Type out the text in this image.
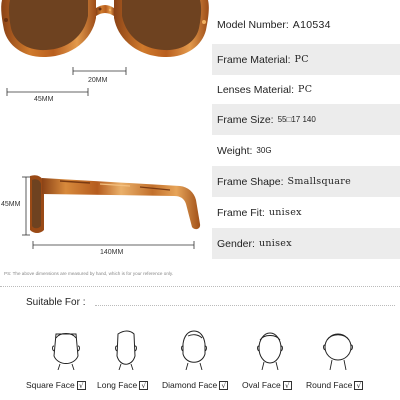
20MM
45MM
45MM
140MM
PS: The above dimensions are measured by hand, which is for your reference only.
Model Number: A10534
Frame Material: PC
Lenses Material: PC
Frame Size: 55□17 140
Weight: 30G
Frame Shape: Smallsquare
Frame Fit: unisex
Gender: unisex
Suitable For :
Square Face √ Long Face √ Diamond Face √ Oval Face √ Round Face √
